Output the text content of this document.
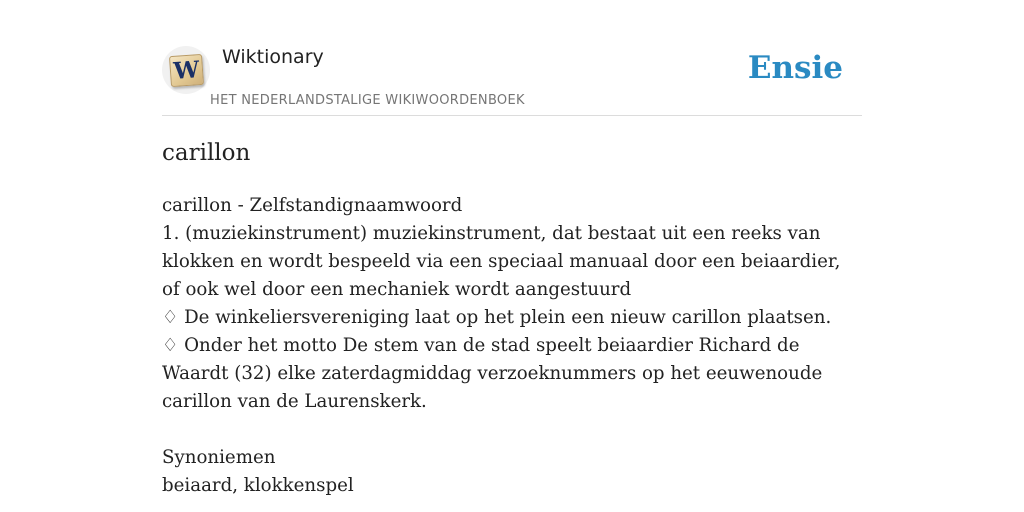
W Wiktionary
HET NEDERLANDSTALIGE WIKIWOORDENBOEK
Ensie
carillon

carillon - Zelfstandignaamwoord

1. (muziekinstrument) muziekinstrument, dat bestaat uit een reeks van klokken en wordt bespeeld via een speciaal manuaal door een beiaardier, of ook wel door een mechaniek wordt aangestuurd

♢ De winkeliersvereniging laat op het plein een nieuw carillon plaatsen.

♢ Onder het motto De stem van de stad speelt beiaardier Richard de Waardt (32) elke zaterdagmiddag verzoeknummers op het eeuwenoude carillon van de Laurenskerk.

Synoniemen

beiaard, klokkenspel
